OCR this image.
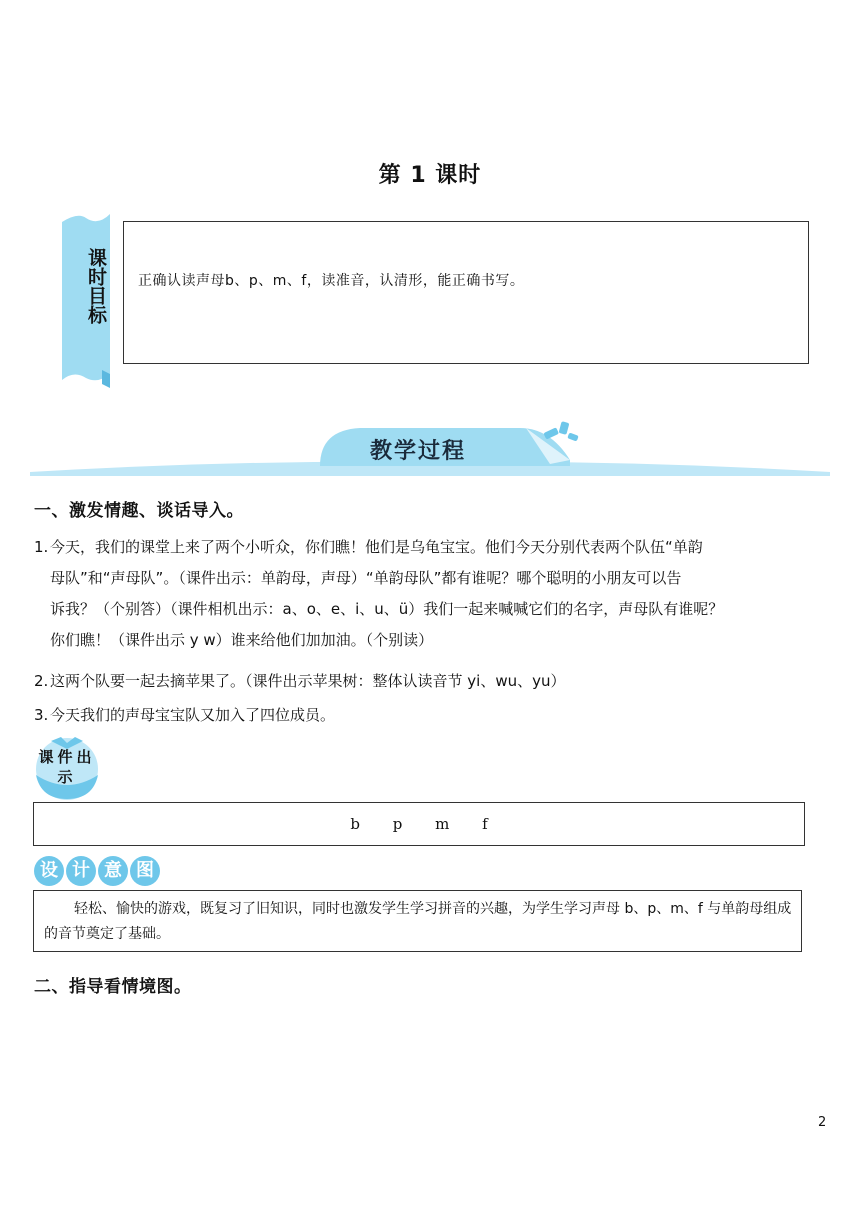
第 1 课时
课时目标 正确认读声母b、p、m、f，读准音，认清形，能正确书写。
教学过程
一、激发情趣、谈话导入。
1. 今天，我们的课堂上来了两个小听众，你们瞧！他们是乌龟宝宝。他们今天分别代表两个队伍“单韵
母队”和“声母队”。（课件出示：单韵母，声母）“单韵母队”都有谁呢？哪个聪明的小朋友可以告
诉我？（个别答）（课件相机出示：a、o、e、i、u、ü）我们一起来喊喊它们的名字，声母队有谁呢？
你们瞧！（课件出示 y w）谁来给他们加加油。（个别读）
2. 这两个队要一起去摘苹果了。（课件出示苹果树：整体认读音节 yi、wu、yu）
3. 今天我们的声母宝宝队又加入了四位成员。
课件出示
b p m f
设 计 意 图
轻松、愉快的游戏，既复习了旧知识，同时也激发学生学习拼音的兴趣，为学生学习声母 b、p、m、f 与单韵母组成的音节奠定了基础。
二、指导看情境图。
2
